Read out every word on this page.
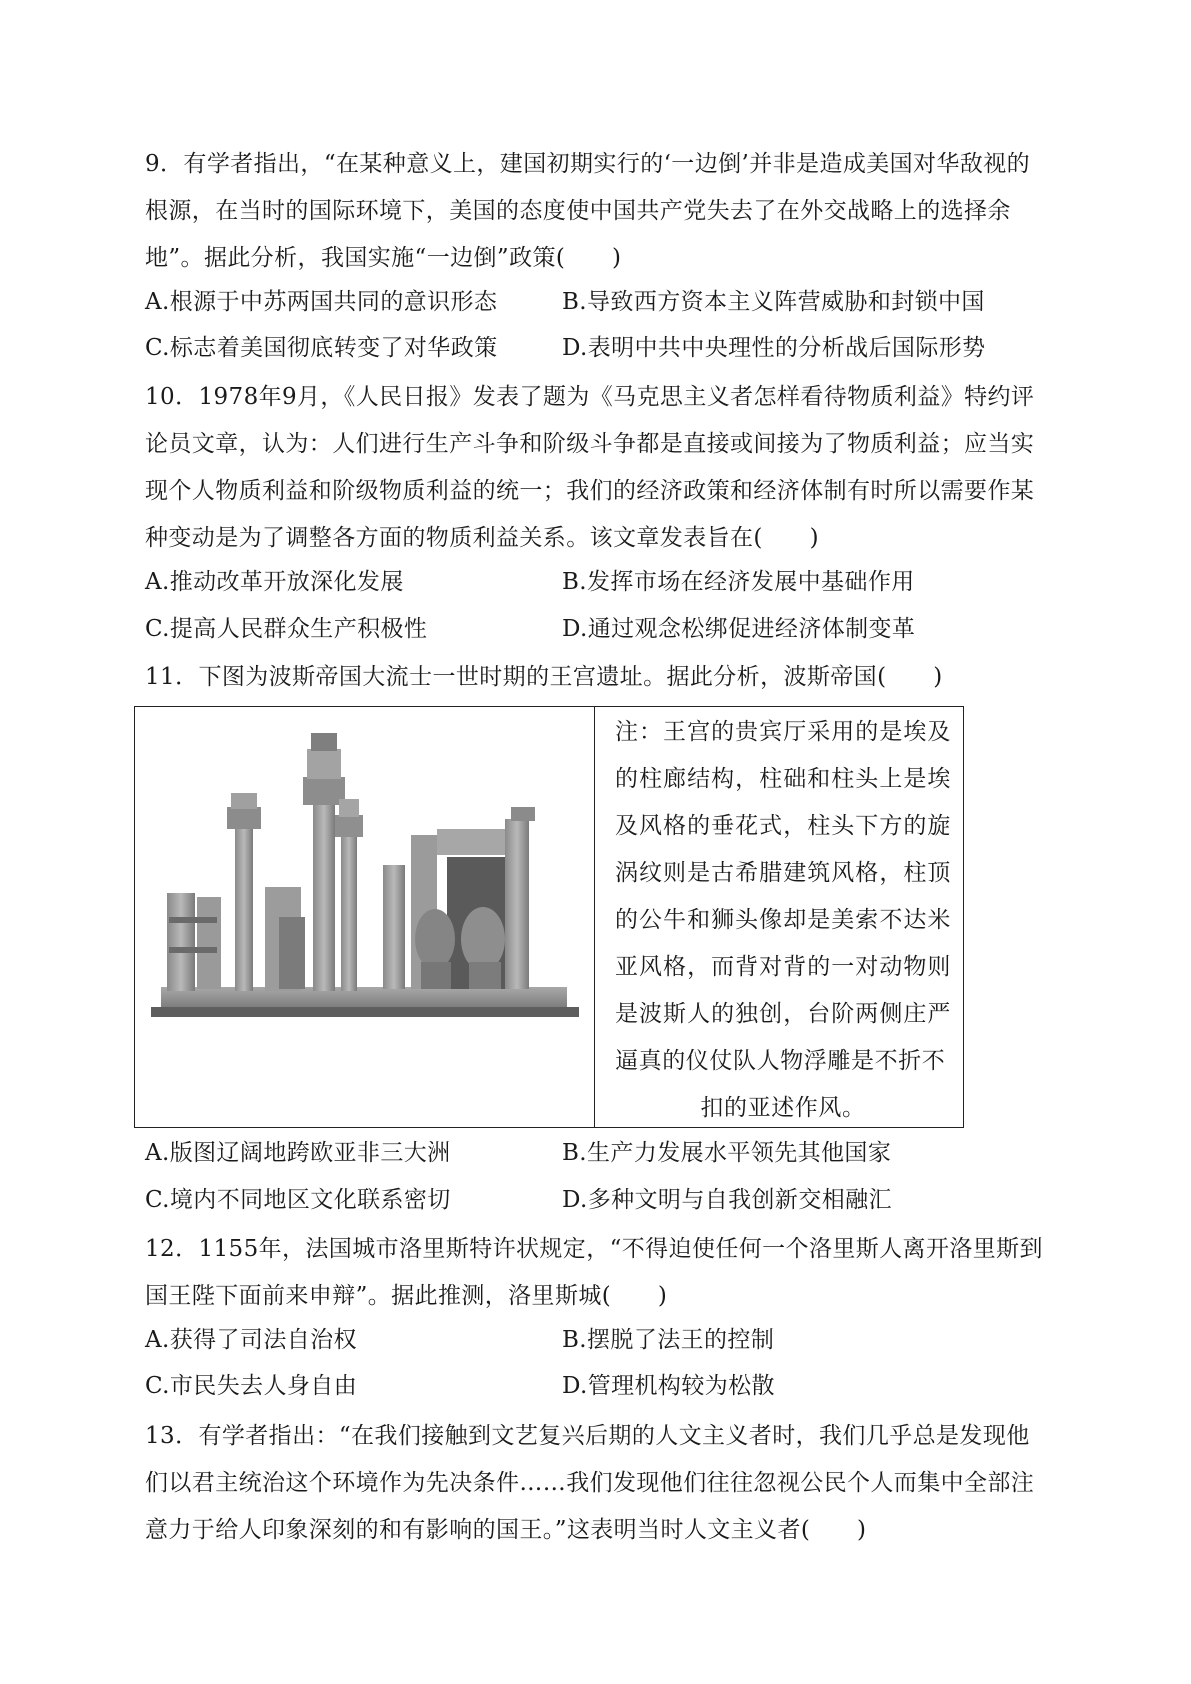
9．有学者指出，“在某种意义上，建国初期实行的‘一边倒’并非是造成美国对华敌视的根源，在当时的国际环境下，美国的态度使中国共产党失去了在外交战略上的选择余地”。据此分析，我国实施“一边倒”政策(　　)

A.根源于中苏两国共同的意识形态	B.导致西方资本主义阵营威胁和封锁中国
C.标志着美国彻底转变了对华政策	D.表明中共中央理性的分析战后国际形势

10．1978年9月，《人民日报》发表了题为《马克思主义者怎样看待物质利益》特约评论员文章，认为：人们进行生产斗争和阶级斗争都是直接或间接为了物质利益；应当实现个人物质利益和阶级物质利益的统一；我们的经济政策和经济体制有时所以需要作某种变动是为了调整各方面的物质利益关系。该文章发表旨在(　　)

A.推动改革开放深化发展	B.发挥市场在经济发展中基础作用
C.提高人民群众生产积极性	D.通过观念松绑促进经济体制变革

11．下图为波斯帝国大流士一世时期的王宫遗址。据此分析，波斯帝国(　　)

注：王宫的贵宾厅采用的是埃及的柱廊结构，柱础和柱头上是埃及风格的垂花式，柱头下方的旋涡纹则是古希腊建筑风格，柱顶的公牛和狮头像却是美索不达米亚风格，而背对背的一对动物则是波斯人的独创，台阶两侧庄严逼真的仪仗队人物浮雕是不折不
扣的亚述作风。
A.版图辽阔地跨欧亚非三大洲	B.生产力发展水平领先其他国家
C.境内不同地区文化联系密切	D.多种文明与自我创新交相融汇

12．1155年，法国城市洛里斯特许状规定，“不得迫使任何一个洛里斯人离开洛里斯到国王陛下面前来申辩”。据此推测，洛里斯城(　　)

A.获得了司法自治权	B.摆脱了法王的控制
C.市民失去人身自由	D.管理机构较为松散

13．有学者指出：“在我们接触到文艺复兴后期的人文主义者时，我们几乎总是发现他们以君主统治这个环境作为先决条件……我们发现他们往往忽视公民个人而集中全部注意力于给人印象深刻的和有影响的国王。”这表明当时人文主义者(　　)
